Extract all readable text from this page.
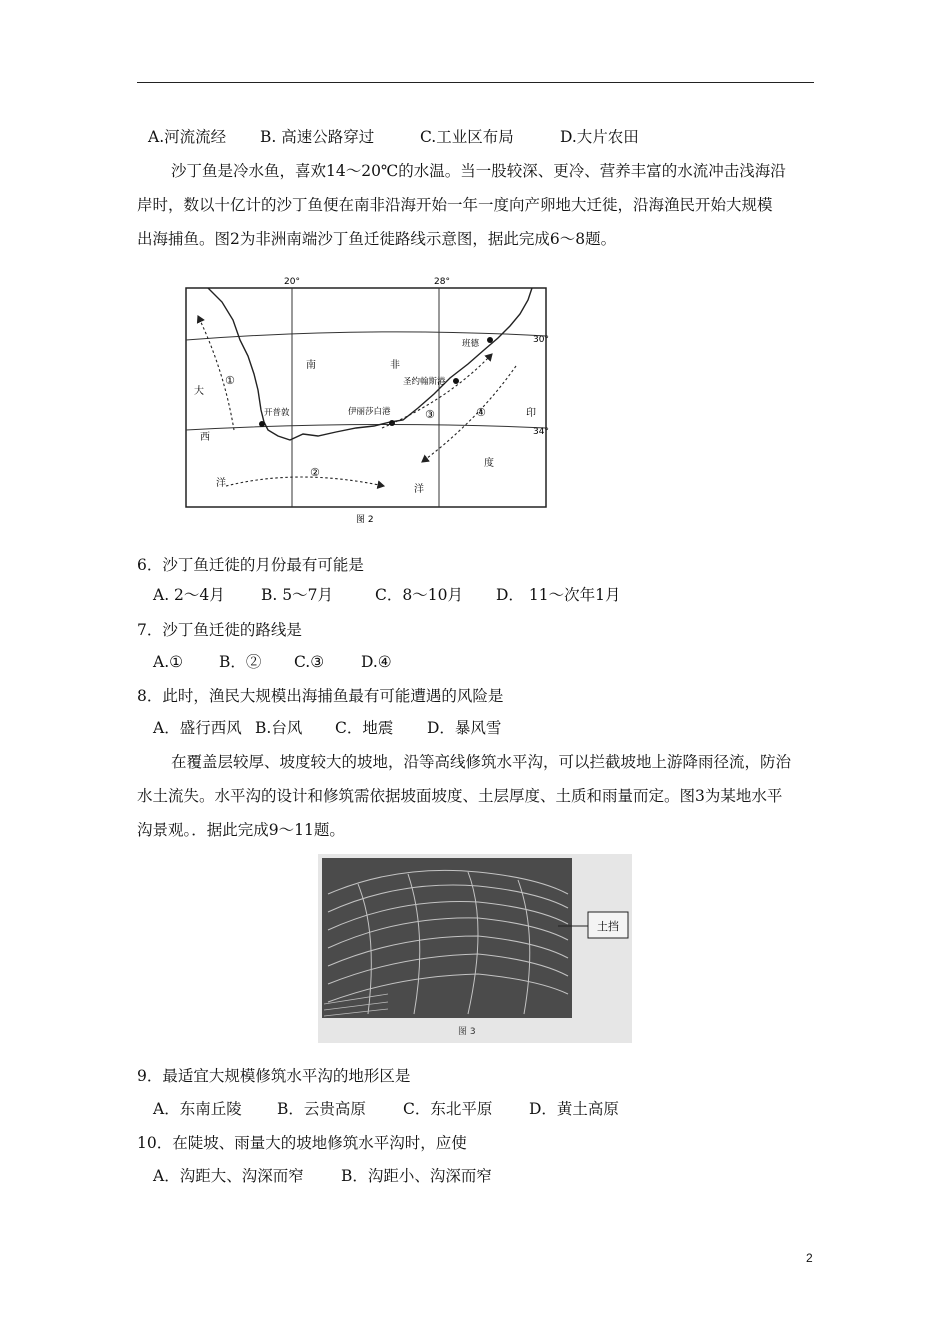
A.河流流经 B. 高速公路穿过	C.工业区布局	D.大片农田
沙丁鱼是冷水鱼，喜欢14～20℃的水温。当一股较深、更冷、营养丰富的水流冲击浅海沿
岸时，数以十亿计的沙丁鱼便在南非沿海开始一年一度向产卵地大迁徙，沿海渔民开始大规模
出海捕鱼。图2为非洲南端沙丁鱼迁徙路线示意图，据此完成6～8题。
20°	28°
30°
34°
南	非
大
西
洋
印
度
洋
班德
圣约翰斯港
开普敦	伊丽莎白港
①
②
③	④
图 2
6．沙丁鱼迁徙的月份最有可能是
A. 2～4月 B. 5～7月	C．8～10月 D． 11～次年1月
7．沙丁鱼迁徙的路线是
A.① B．② C.③ D.④
8．此时，渔民大规模出海捕鱼最有可能遭遇的风险是
A．盛行西风 B.台风 C．地震 D．暴风雪
在覆盖层较厚、坡度较大的坡地，沿等高线修筑水平沟，可以拦截坡地上游降雨径流，防治
水土流失。水平沟的设计和修筑需依据坡面坡度、土层厚度、土质和雨量而定。图3为某地水平
沟景观。．据此完成9～11题。
土挡
图 3
9．最适宜大规模修筑水平沟的地形区是
A．东南丘陵 B．云贵高原 C．东北平原 D．黄土高原
10．在陡坡、雨量大的坡地修筑水平沟时，应使
A．沟距大、沟深而窄 B．沟距小、沟深而窄
2
